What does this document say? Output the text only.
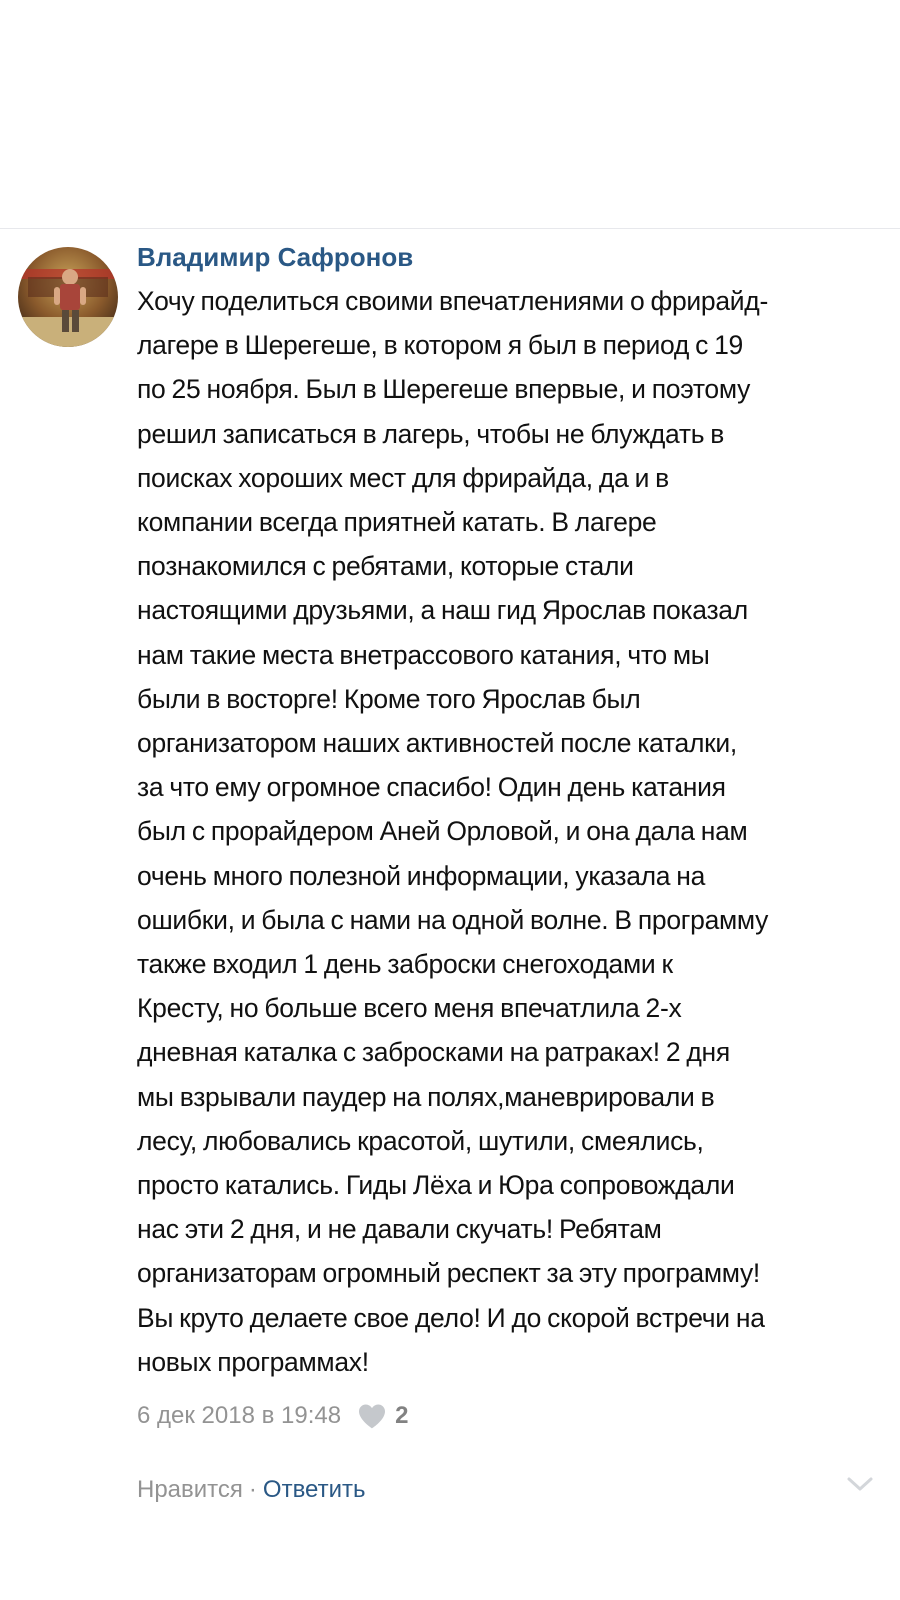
Владимир Сафронов

Хочу поделиться своими впечатлениями о фрирайд-
лагере в Шерегеше, в котором я был в период с 19
по 25 ноября. Был в Шерегеше впервые, и поэтому
решил записаться в лагерь, чтобы не блуждать в
поисках хороших мест для фрирайда, да и в
компании всегда приятней катать. В лагере
познакомился с ребятами, которые стали
настоящими друзьями, а наш гид Ярослав показал
нам такие места внетрассового катания, что мы
были в восторге! Кроме того Ярослав был
организатором наших активностей после каталки,
за что ему огромное спасибо! Один день катания
был с прорайдером Аней Орловой, и она дала нам
очень много полезной информации, указала на
ошибки, и была с нами на одной волне. В программу
также входил 1 день заброски снегоходами к
Кресту, но больше всего меня впечатлила 2-х
дневная каталка с забросками на ратраках! 2 дня
мы взрывали паудер на полях,маневрировали в
лесу, любовались красотой, шутили, смеялись,
просто катались. Гиды Лёха и Юра сопровождали
нас эти 2 дня, и не давали скучать! Ребятам
организаторам огромный респект за эту программу!
Вы круто делаете свое дело! И до скорой встречи на
новых программах!

6 дек 2018 в 19:48 2
Нравится · Ответить
